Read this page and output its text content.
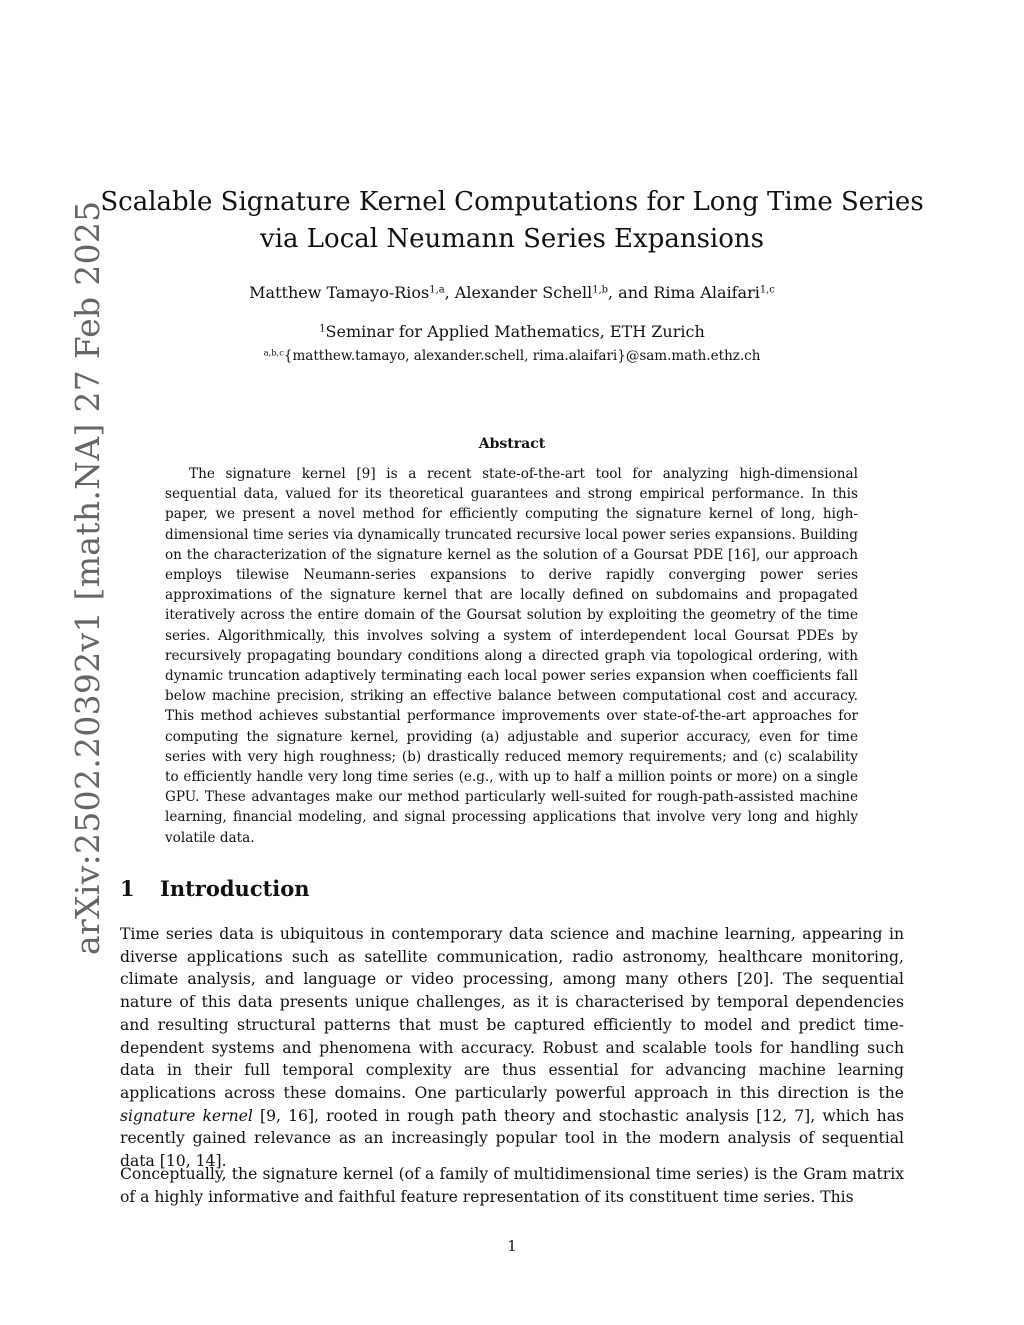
arXiv:2502.20392v1 [math.NA] 27 Feb 2025
Scalable Signature Kernel Computations for Long Time Series
via Local Neumann Series Expansions
Matthew Tamayo-Rios$^{1,a}$, Alexander Schell$^{1,b}$, and Rima Alaifari$^{1,c}$
$^1$Seminar for Applied Mathematics, ETH Zurich
$^{a,b,c}${matthew.tamayo, alexander.schell, rima.alaifari}@sam.math.ethz.ch
Abstract

The signature kernel [9] is a recent state-of-the-art tool for analyzing high-dimensional sequential data, valued for its theoretical guarantees and strong empirical performance. In this paper, we present a novel method for efficiently computing the signature kernel of long, high-dimensional time series via dynamically truncated recursive local power series expansions. Building on the characterization of the signature kernel as the solution of a Goursat PDE [16], our approach employs tilewise Neumann-series expansions to derive rapidly converging power series approximations of the signature kernel that are locally defined on subdomains and propagated iteratively across the entire domain of the Goursat solution by exploiting the geometry of the time series. Algorithmically, this involves solving a system of interdependent local Goursat PDEs by recursively propagating boundary conditions along a directed graph via topological ordering, with dynamic truncation adaptively terminating each local power series expansion when coefficients fall below machine precision, striking an effective balance between computational cost and accuracy. This method achieves substantial performance improvements over state-of-the-art approaches for computing the signature kernel, providing (a) adjustable and superior accuracy, even for time series with very high roughness; (b) drastically reduced memory requirements; and (c) scalability to efficiently handle very long time series (e.g., with up to half a million points or more) on a single GPU. These advantages make our method particularly well-suited for rough-path-assisted machine learning, financial modeling, and signal processing applications that involve very long and highly volatile data.

1 Introduction

Time series data is ubiquitous in contemporary data science and machine learning, appearing in diverse applications such as satellite communication, radio astronomy, healthcare monitoring, climate analysis, and language or video processing, among many others [20]. The sequential nature of this data presents unique challenges, as it is characterised by temporal dependencies and resulting structural patterns that must be captured efficiently to model and predict time-dependent systems and phenomena with accuracy. Robust and scalable tools for handling such data in their full temporal complexity are thus essential for advancing machine learning applications across these domains. One particularly powerful approach in this direction is the signature kernel [9, 16], rooted in rough path theory and stochastic analysis [12, 7], which has recently gained relevance as an increasingly popular tool in the modern analysis of sequential data [10, 14].

Conceptually, the signature kernel (of a family of multidimensional time series) is the Gram matrix of a highly informative and faithful feature representation of its constituent time series. This

1
